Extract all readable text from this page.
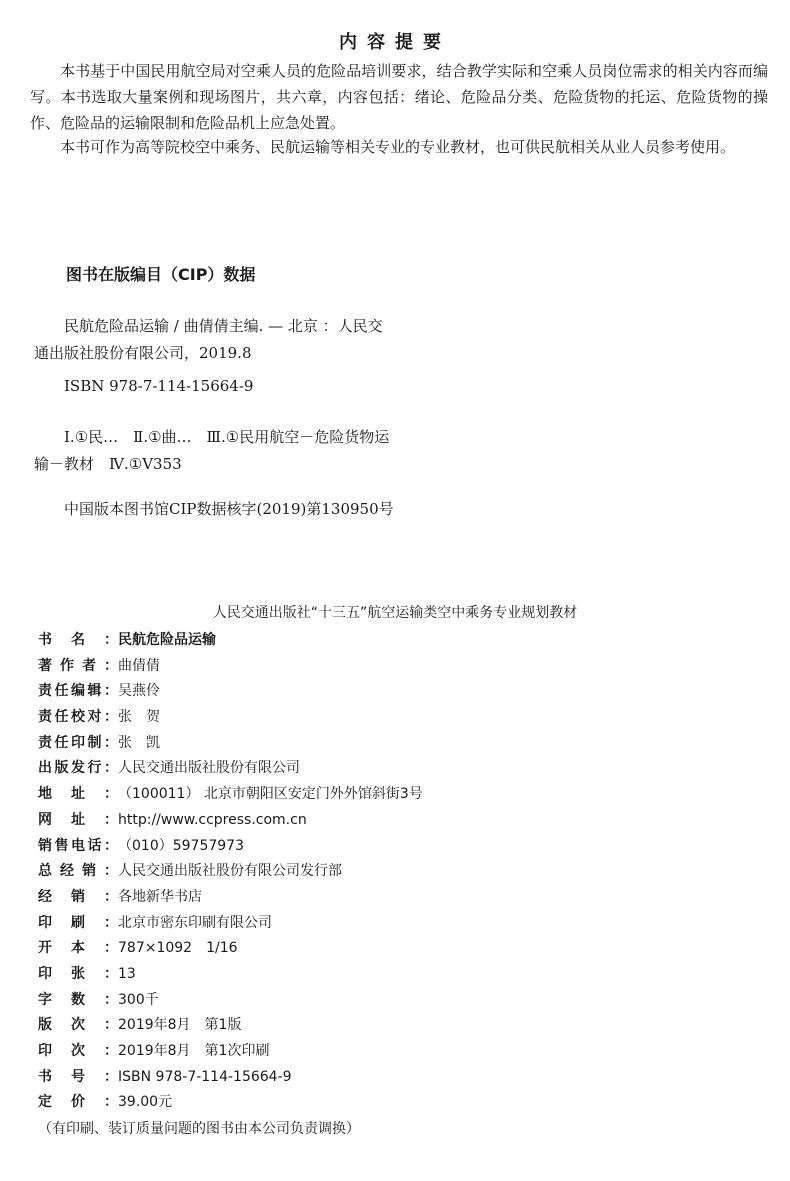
内容提要
本书基于中国民用航空局对空乘人员的危险品培训要求，结合教学实际和空乘人员岗位需求的相关内容而编写。本书选取大量案例和现场图片，共六章，内容包括：绪论、危险品分类、危险货物的托运、危险货物的操作、危险品的运输限制和危险品机上应急处置。
本书可作为高等院校空中乘务、民航运输等相关专业的专业教材，也可供民航相关从业人员参考使用。
图书在版编目（CIP）数据
民航危险品运输 / 曲倩倩主编. — 北京 ：人民交
通出版社股份有限公司，2019.8
ISBN 978-7-114-15664-9
Ⅰ.①民…　Ⅱ.①曲…　Ⅲ.①民用航空－危险货物运
输－教材　Ⅳ.①V353
中国版本图书馆CIP数据核字(2019)第130950号
人民交通出版社“十三五”航空运输类空中乘务专业规划教材
书名：民航危险品运输
著作者：曲倩倩
责任编辑：吴燕伶
责任校对：张　贺
责任印制：张　凯
出版发行：人民交通出版社股份有限公司
地址：（100011） 北京市朝阳区安定门外外馆斜街3号
网址：http://www.ccpress.com.cn
销售电话：（010）59757973
总经销：人民交通出版社股份有限公司发行部
经销：各地新华书店
印刷：北京市密东印刷有限公司
开本：787×1092　1/16
印张：13
字数：300千
版次：2019年8月　第1版
印次：2019年8月　第1次印刷
书号：ISBN 978-7-114-15664-9
定价：39.00元
（有印刷、装订质量问题的图书由本公司负责调换）
